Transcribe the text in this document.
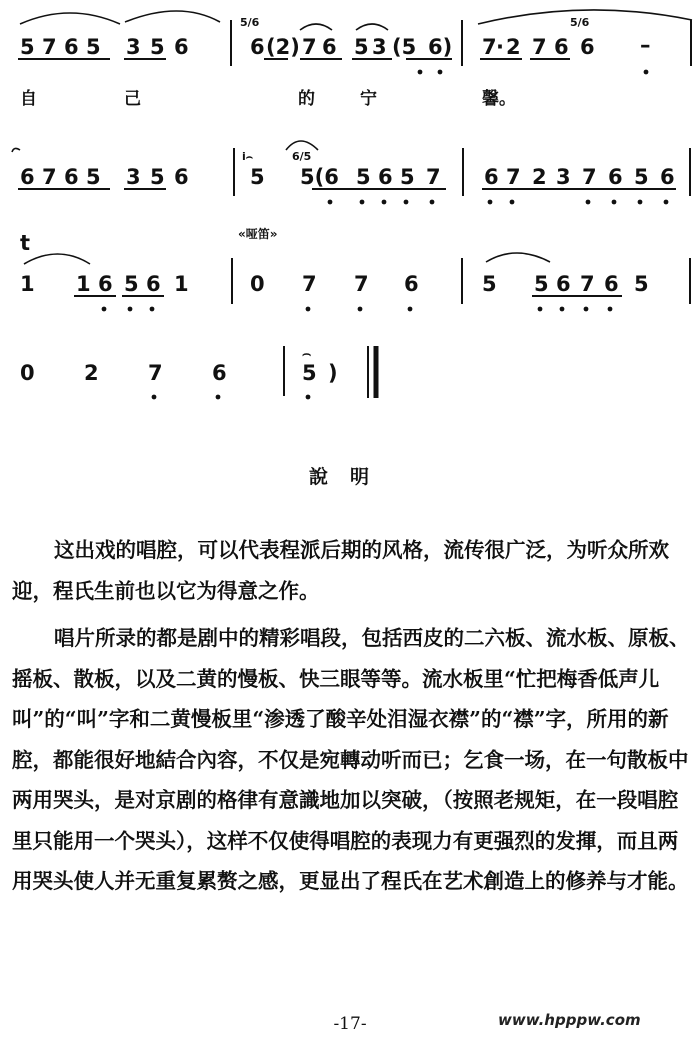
5/6	5/6
5 7 6 5 3 5 6	6 (2) 7 6 5 3 (5 6) 7 · 2 7 6 6 –
自	己	的	宁	馨。
i⌢	6/5
6 7 6 5 3 5 6	5 5(6 5 6 5 7 6 7 2 3 7 6 5 6
t	«哑笛»
1 1 6 5 6 1	0 7 7 6	5 5 6 7 6 5
0 2 7 6
⌢
5 )
說明

这出戏的唱腔，可以代表程派后期的风格，流传很广泛，为听众所欢迎，程氏生前也以它为得意之作。

唱片所录的都是剧中的精彩唱段，包括西皮的二六板、流水板、原板、摇板、散板，以及二黄的慢板、快三眼等等。流水板里“忙把梅香低声儿叫”的“叫”字和二黄慢板里“渗透了酸辛处泪湿衣襟”的“襟”字，所用的新腔，都能很好地結合內容，不仅是宛轉动听而已；乞食一场，在一句散板中两用哭头，是对京剧的格律有意識地加以突破，（按照老规矩，在一段唱腔里只能用一个哭头），这样不仅使得唱腔的表现力有更强烈的发揮，而且两用哭头使人并无重复累赘之感，更显出了程氏在艺术創造上的修养与才能。

-17-	www.hpppw.com
